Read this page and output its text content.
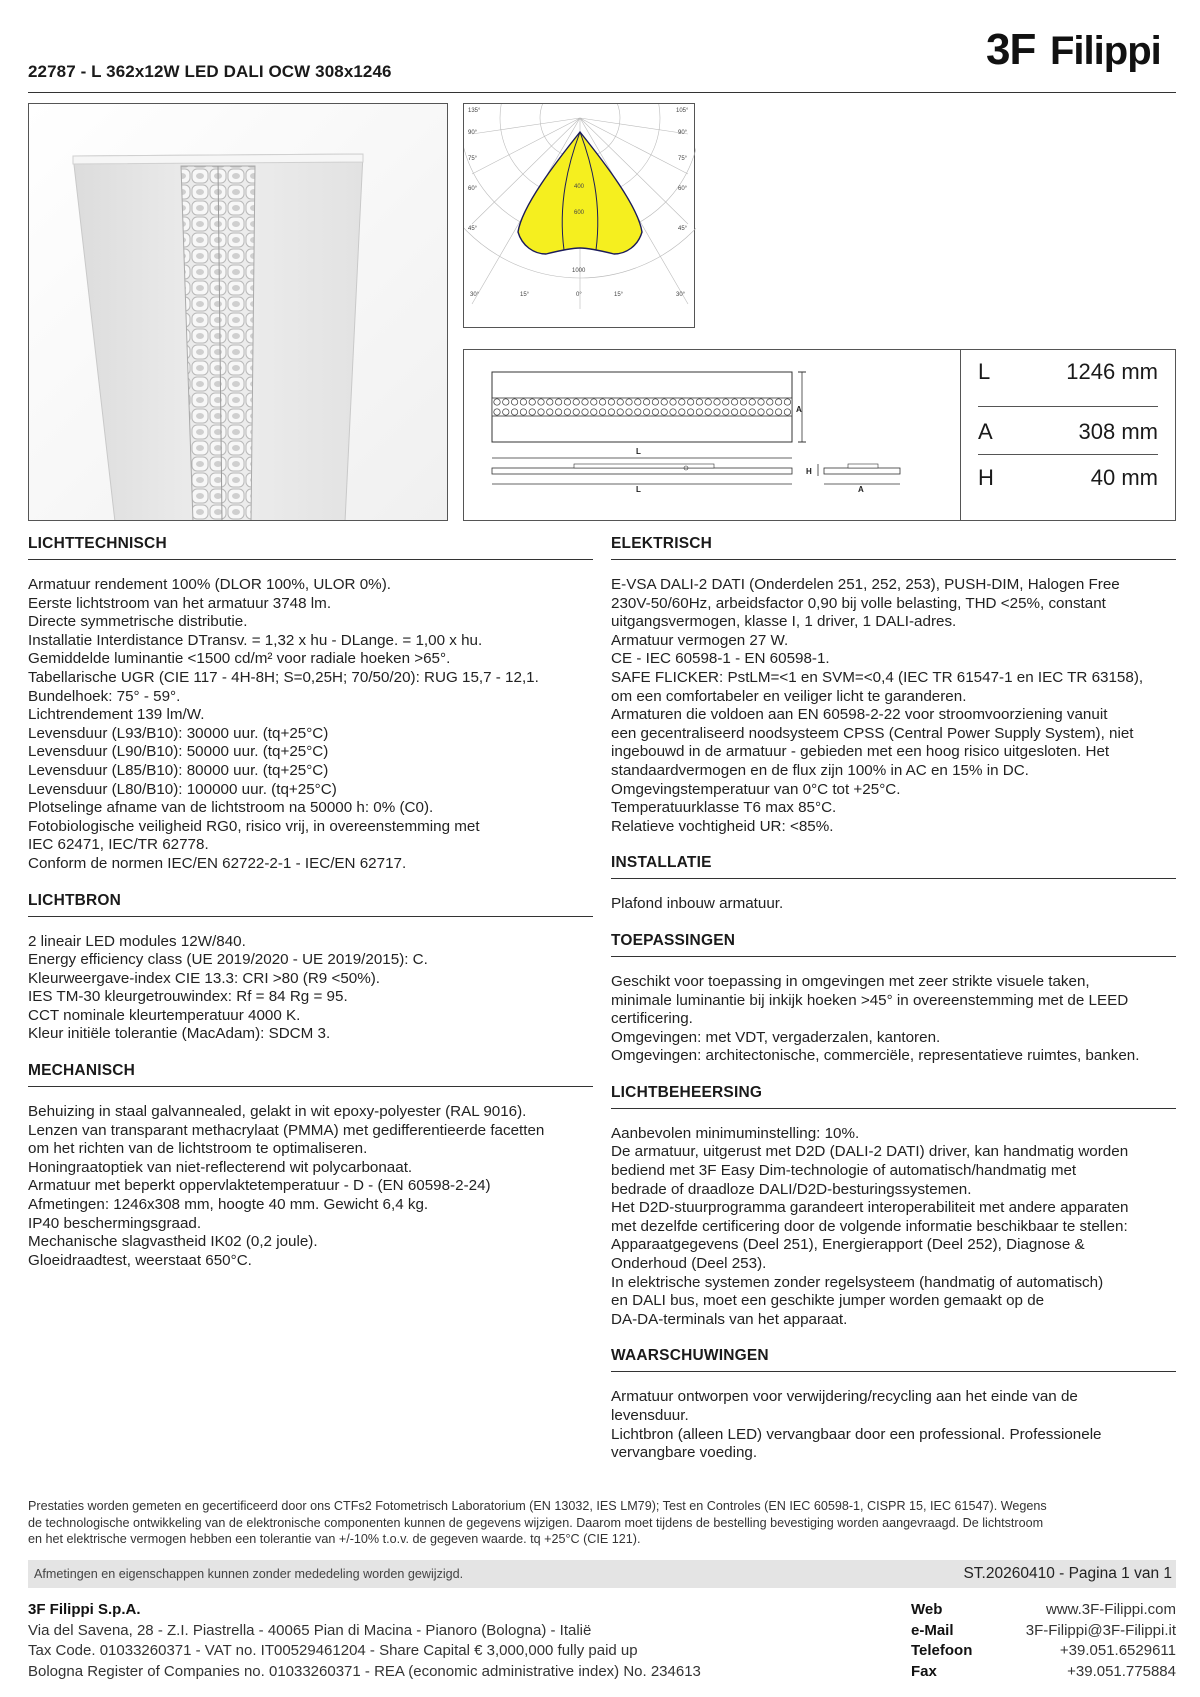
22787 - L 362x12W LED DALI OCW 308x1246	3F Filippi
135°	105°
90°	90°
75°	75°
60°	60°
45°	45°
30°	15°	0°	15°	30°
400
600
1000
A
L
L
H
A
L	1246 mm
A	308 mm
H	40 mm
LICHTTECHNISCH
Armatuur rendement 100% (DLOR 100%, ULOR 0%).
Eerste lichtstroom van het armatuur 3748 lm.
Directe symmetrische distributie.
Installatie Interdistance DTransv. = 1,32 x hu - DLange. = 1,00 x hu.
Gemiddelde luminantie <1500 cd/m² voor radiale hoeken >65°.
Tabellarische UGR (CIE 117 - 4H-8H; S=0,25H; 70/50/20): RUG 15,7 - 12,1.
Bundelhoek: 75° - 59°.
Lichtrendement 139 lm/W.
Levensduur (L93/B10): 30000 uur. (tq+25°C)
Levensduur (L90/B10): 50000 uur. (tq+25°C)
Levensduur (L85/B10): 80000 uur. (tq+25°C)
Levensduur (L80/B10): 100000 uur. (tq+25°C)
Plotselinge afname van de lichtstroom na 50000 h: 0% (C0).
Fotobiologische veiligheid RG0, risico vrij, in overeenstemming met
IEC 62471, IEC/TR 62778.
Conform de normen IEC/EN 62722-2-1 - IEC/EN 62717.
LICHTBRON
2 lineair LED modules 12W/840.
Energy efficiency class (UE 2019/2020 - UE 2019/2015): C.
Kleurweergave-index CIE 13.3: CRI >80 (R9 <50%).
IES TM-30 kleurgetrouwindex: Rf = 84 Rg = 95.
CCT nominale kleurtemperatuur 4000 K.
Kleur initiële tolerantie (MacAdam): SDCM 3.
MECHANISCH
Behuizing in staal galvannealed, gelakt in wit epoxy-polyester (RAL 9016).
Lenzen van transparant methacrylaat (PMMA) met gedifferentieerde facetten
om het richten van de lichtstroom te optimaliseren.
Honingraatoptiek van niet-reflecterend wit polycarbonaat.
Armatuur met beperkt oppervlaktetemperatuur - D - (EN 60598-2-24)
Afmetingen: 1246x308 mm, hoogte 40 mm. Gewicht 6,4 kg.
IP40 beschermingsgraad.
Mechanische slagvastheid IK02 (0,2 joule).
Gloeidraadtest, weerstaat 650°C.
ELEKTRISCH
E-VSA DALI-2 DATI (Onderdelen 251, 252, 253), PUSH-DIM, Halogen Free
230V-50/60Hz, arbeidsfactor 0,90 bij volle belasting, THD <25%, constant
uitgangsvermogen, klasse I, 1 driver, 1 DALI-adres.
Armatuur vermogen 27 W.
CE - IEC 60598-1 - EN 60598-1.
SAFE FLICKER: PstLM=<1 en SVM=<0,4 (IEC TR 61547-1 en IEC TR 63158),
om een comfortabeler en veiliger licht te garanderen.
Armaturen die voldoen aan EN 60598-2-22 voor stroomvoorziening vanuit
een gecentraliseerd noodsysteem CPSS (Central Power Supply System), niet
ingebouwd in de armatuur - gebieden met een hoog risico uitgesloten. Het
standaardvermogen en de flux zijn 100% in AC en 15% in DC.
Omgevingstemperatuur van 0°C tot +25°C.
Temperatuurklasse T6 max 85°C.
Relatieve vochtigheid UR: <85%.
INSTALLATIE
Plafond inbouw armatuur.
TOEPASSINGEN
Geschikt voor toepassing in omgevingen met zeer strikte visuele taken,
minimale luminantie bij inkijk hoeken >45° in overeenstemming met de LEED
certificering.
Omgevingen: met VDT, vergaderzalen, kantoren.
Omgevingen: architectonische, commerciële, representatieve ruimtes, banken.
LICHTBEHEERSING
Aanbevolen minimuminstelling: 10%.
De armatuur, uitgerust met D2D (DALI-2 DATI) driver, kan handmatig worden
bediend met 3F Easy Dim-technologie of automatisch/handmatig met
bedrade of draadloze DALI/D2D-besturingssystemen.
Het D2D-stuurprogramma garandeert interoperabiliteit met andere apparaten
met dezelfde certificering door de volgende informatie beschikbaar te stellen:
Apparaatgegevens (Deel 251), Energierapport (Deel 252), Diagnose &
Onderhoud (Deel 253).
In elektrische systemen zonder regelsysteem (handmatig of automatisch)
en DALI bus, moet een geschikte jumper worden gemaakt op de
DA-DA-terminals van het apparaat.
WAARSCHUWINGEN
Armatuur ontworpen voor verwijdering/recycling aan het einde van de
levensduur.
Lichtbron (alleen LED) vervangbaar door een professional. Professionele
vervangbare voeding.
Prestaties worden gemeten en gecertificeerd door ons CTFs2 Fotometrisch Laboratorium (EN 13032, IES LM79); Test en Controles (EN IEC 60598-1, CISPR 15, IEC 61547). Wegens
de technologische ontwikkeling van de elektronische componenten kunnen de gegevens wijzigen. Daarom moet tijdens de bestelling bevestiging worden aangevraagd. De lichtstroom
en het elektrische vermogen hebben een tolerantie van +/-10% t.o.v. de gegeven waarde. tq +25°C (CIE 121).
Afmetingen en eigenschappen kunnen zonder mededeling worden gewijzigd.	ST.20260410 - Pagina 1 van 1
3F Filippi S.p.A.
Via del Savena, 28 - Z.I. Piastrella - 40065 Pian di Macina - Pianoro (Bologna) - Italië
Tax Code. 01033260371 - VAT no. IT00529461204 - Share Capital € 3,000,000 fully paid up
Bologna Register of Companies no. 01033260371 - REA (economic administrative index) No. 234613
Web	www.3F-Filippi.com
e-Mail	3F-Filippi@3F-Filippi.it
Telefoon	+39.051.6529611
Fax	+39.051.775884
